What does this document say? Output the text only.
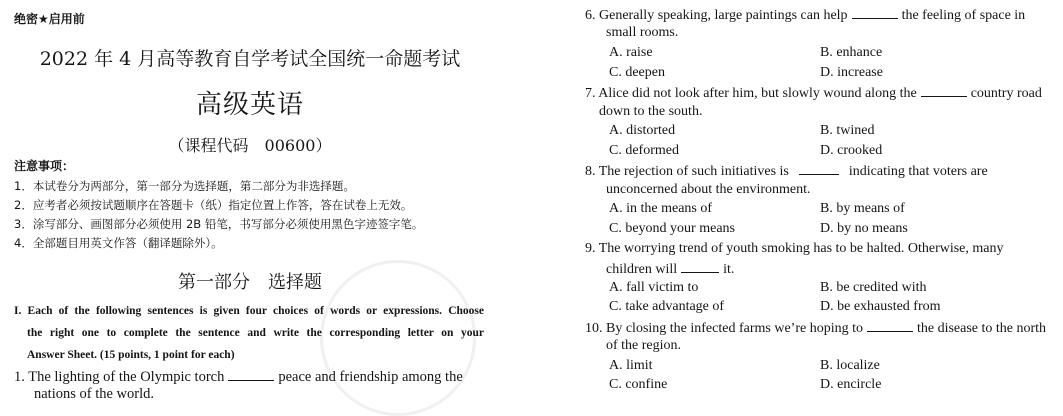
绝密★启用前
2022 年 4 月高等教育自学考试全国统一命题考试
高级英语
（课程代码　00600）
注意事项：
1．本试卷分为两部分，第一部分为选择题，第二部分为非选择题。
2．应考者必须按试题顺序在答题卡（纸）指定位置上作答，答在试卷上无效。
3．涂写部分、画图部分必须使用 2B 铅笔，书写部分必须使用黑色字迹签字笔。
4．全部题目用英文作答（翻译题除外）。
第一部分　选择题
I. Each of the following sentences is given four choices of words or expressions. Choose
the right one to complete the sentence and write the corresponding letter on your
Answer Sheet. (15 points, 1 point for each)
1. The lighting of the Olympic torch	peace and friendship among the
nations of the world.
6. Generally speaking, large paintings can help	the feeling of space in
small rooms.
A. raise	B. enhance
C. deepen	D. increase
7. Alice did not look after him, but slowly wound along the	country road
down to the south.
A. distorted	B. twined
C. deformed	D. crooked
8. The rejection of such initiatives is	indicating that voters are
unconcerned about the environment.
A. in the means of	B. by means of
C. beyond your means	D. by no means
9. The worrying trend of youth smoking has to be halted. Otherwise, many
children will	it.
A. fall victim to	B. be credited with
C. take advantage of	D. be exhausted from
10. By closing the infected farms we’re hoping to	the disease to the north
of the region.
A. limit	B. localize
C. confine	D. encircle
